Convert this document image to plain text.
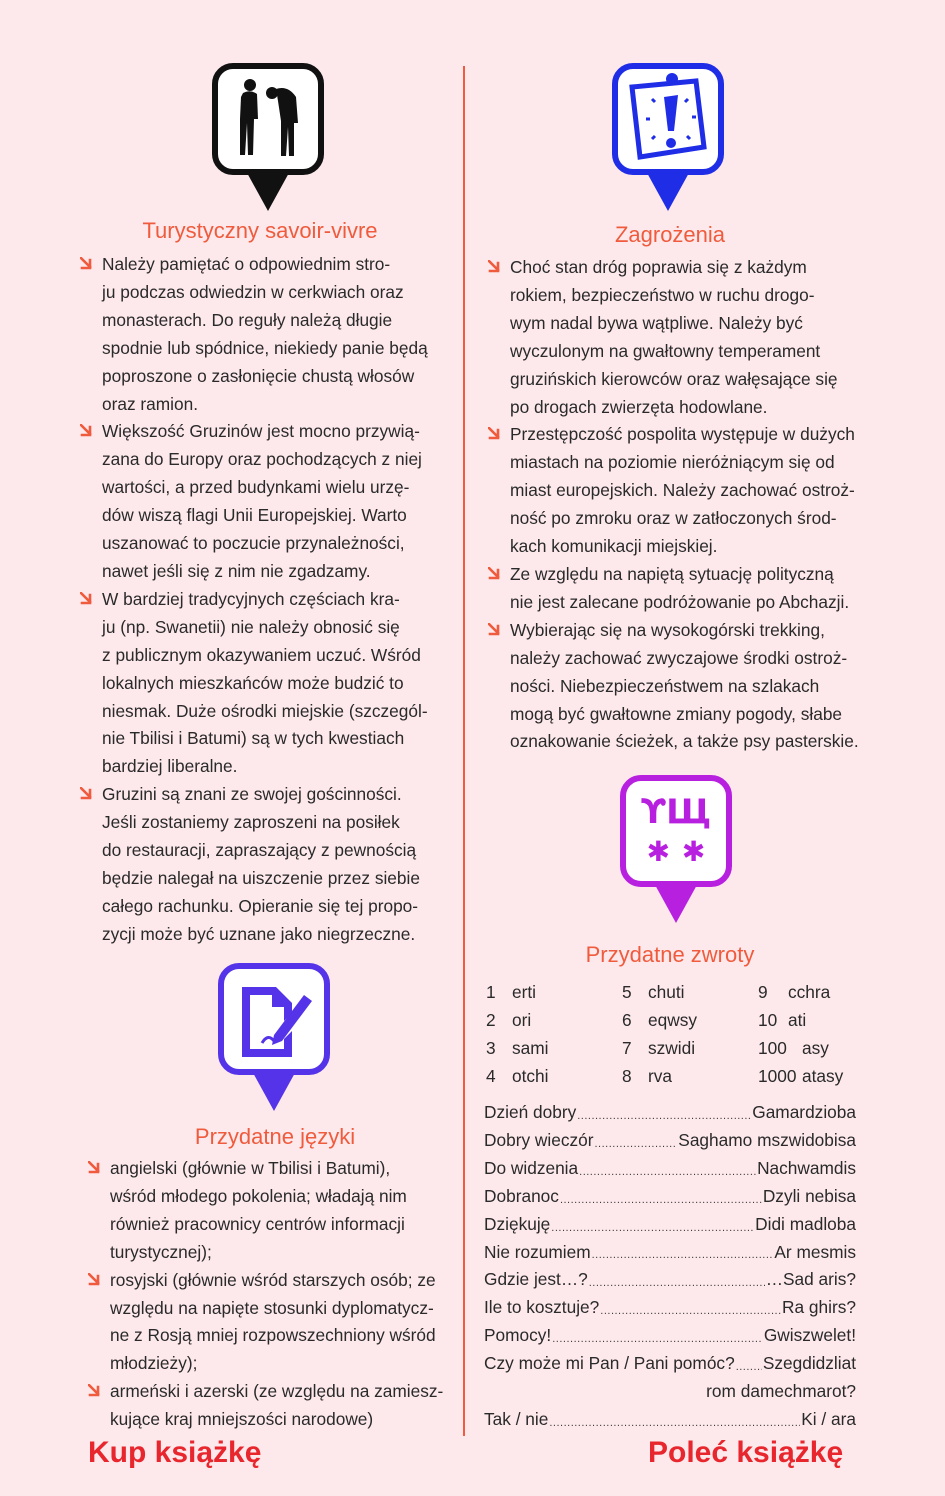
Turystyczny savoir-vivre
Należy pamiętać o odpowiednim stro-
ju podczas odwiedzin w cerkwiach oraz
monasterach. Do reguły należą długie
spodnie lub spódnice, niekiedy panie będą
poproszone o zasłonięcie chustą włosów
oraz ramion.
Większość Gruzinów jest mocno przywią-
zana do Europy oraz pochodzących z niej
wartości, a przed budynkami wielu urzę-
dów wiszą flagi Unii Europejskiej. Warto
uszanować to poczucie przynależności,
nawet jeśli się z nim nie zgadzamy.
W bardziej tradycyjnych częściach kra-
ju (np. Swanetii) nie należy obnosić się
z publicznym okazywaniem uczuć. Wśród
lokalnych mieszkańców może budzić to
niesmak. Duże ośrodki miejskie (szczegól-
nie Tbilisi i Batumi) są w tych kwestiach
bardziej liberalne.
Gruzini są znani ze swojej gościnności.
Jeśli zostaniemy zaproszeni na posiłek
do restauracji, zapraszający z pewnością
będzie nalegał na uiszczenie przez siebie
całego rachunku. Opieranie się tej propo-
zycji może być uznane jako niegrzeczne.
Przydatne języki
angielski (głównie w Tbilisi i Batumi),
wśród młodego pokolenia; władają nim
również pracownicy centrów informacji
turystycznej);
rosyjski (głównie wśród starszych osób; ze
względu na napięte stosunki dyplomatycz-
ne z Rosją mniej rozpowszechniony wśród
młodzieży);
armeński i azerski (ze względu na zamiesz-
kujące kraj mniejszości narodowe)
Zagrożenia
Choć stan dróg poprawia się z każdym
rokiem, bezpieczeństwo w ruchu drogo-
wym nadal bywa wątpliwe. Należy być
wyczulonym na gwałtowny temperament
gruzińskich kierowców oraz wałęsające się
po drogach zwierzęta hodowlane.
Przestępczość pospolita występuje w dużych
miastach na poziomie nieróżniącym się od
miast europejskich. Należy zachować ostroż-
ność po zmroku oraz w zatłoczonych środ-
kach komunikacji miejskiej.
Ze względu na napiętą sytuację polityczną
nie jest zalecane podróżowanie po Abchazji.
Wybierając się na wysokogórski trekking,
należy zachować zwyczajowe środki ostroż-
ności. Niebezpieczeństwem na szlakach
mogą być gwałtowne zmiany pogody, słabe
oznakowanie ścieżek, a także psy pasterskie.
ϒЩ
✱ ✱
Przydatne zwroty
1 erti	5 chuti	9 cchra
2 ori	6 eqwsy	10 ati
3 sami	7 szwidi	100 asy
4 otchi	8 rva	1000 atasy
Dzień dobry .....	Gamardzioba
Dobry wieczór .....	Saghamo mszwidobisa
Do widzenia .....	Nachwamdis
Dobranoc .....	Dzyli nebisa
Dziękuję .....	Didi madloba
Nie rozumiem .....	Ar mesmis
Gdzie jest…? .....	…Sad aris?
Ile to kosztuje? .....	Ra ghirs?
Pomocy! .....	Gwiszwelet!
Czy może mi Pan / Pani pomóc? ..... Szegdidzliat
rom damechmarot?
Tak / nie .....	Ki / ara
Kup książkę	Poleć książkę
